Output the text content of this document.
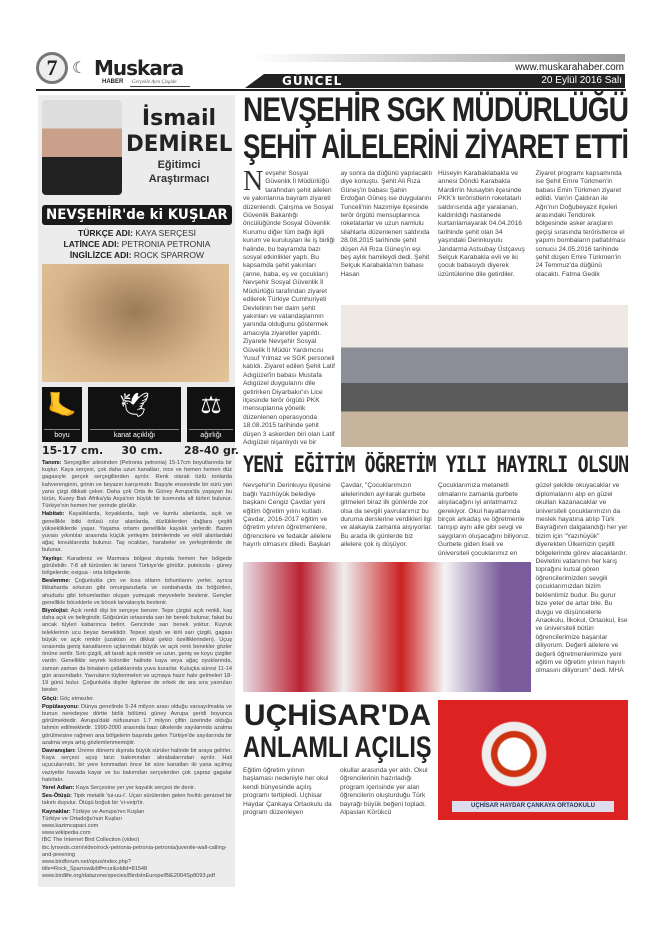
7 ☾ Muskara
HABER Gerçekle Aynı Çizgide
www.muskarahaber.com
GÜNCEL	20 Eylül 2016 Salı
İsmail
DEMİREL
Eğitimci
Araştırmacı
NEVŞEHİR'de ki KUŞLAR
TÜRKÇE ADI: KAYA SERÇESİ
LATİNCE ADI: PETRONIA PETRONIA
İNGİLİZCE ADI: ROCK SPARROW
🦶
boyu
🕊
kanat açıklığı
⚖
ağırlığı
15-17 cm.	30 cm.	28-40 gr.

Tanımı: Serçegiller ailesinden (Petronia petronia) 15-17cm boyutlarında bir kuştur. Kaya serçesi, çok daha uzun kanatları, ince ve hemen hemen düz gagasıyle gerçek serçegillerden ayrılır. Renk olarak türlü tonlarda kahverenginin, grinin ve beyazın karışımıdır. Başıyle ensesinde bir sürü yan yana çizgi dikkati çeker. Daha çok Orta ile Güney Avrupa'da yaşayan bu türün, Kuzey Batı Afrika'yla Asya'nın büyük bir kısmında alt türleri bulunur. Türkiye'nin hemen her yerinde görülür.

Habitatı: Kayalıklarda, koyaklarda, taşlı ve kumlu alanlarda, açık ve genellikle bitki örtüsü cılız alanlarda, düzlüklerden dağlara çeşitli yüksekliklerde yaşar. Yaşama ortamı genellikle kayalık yerlerdir. Bazen yuvası yıkıntılar arasında küçük yerleşim birimlerinde ve ekili alanlardaki ağaç kovuklarında bulunur. Taş ocakları, harabeler ve yerleşimlerde de bulunur.

Yayılışı: Karadeniz ve Marmara bölgesi dışında hemen her bölgede görülebilir. 7-8 alt türünden iki tanesi Türkiye'de görülür. puteicola - güney bölgelerde; exigua - orta bölgelerde.

Beslenme: Çoğunlukla çim ve kısa otların tohumlarını yerler, ayrıca ilkbaharda solucan gibi omurgasızlarla ve sonbaharda da böğürtlen, ahududu gibi tohumlardan oluşan yumuşak meyvelerle beslenir. Gençler genellikle böceklerle ve böcek larvalarıyla beslenir.

Biyolojisi: Açık renkli dişi bir serçeye benzer. Tepe çizgisi açık renkli, kaş daha açık ve belirgindir. Göğsünün ortasında sarı bir benek bulunur, fakat bu ancak tüyleri kabarınca belirir. Gencinde sarı benek yoktur. Kuyruk teleklerinin ucu beyaz beneklidir. Tepesi siyah ve kirli sarı çizgili, gagası büyük ve açık renktir (uzaktan en dikkat çekici özelliklerinden). Uçuş sırasında geniş kanatlarının uçlarındaki büyük ve açık renk benekler gözler önüne serilir. Sırtı çizgili, alt tarafı açık renktir ve uzun, geniş ve koyu çizgiler vardır. Genellikle seyrek koloniler halinde kaya veya ağaç oyuklarında, zaman zaman da binaların çatlaklarında yuva kurarlar. Kuluçka süresi 11-14 gün arasındadır. Yavruların tüylenmeleri ve uçmaya hazır hale gelmeleri 18-19 günü bulur. Çoğunlukla dişiler ilgilense de erkek de ara sıra yavruları besler.

Göçü: Göç etmezler.

Popülasyonu: Dünya genelinde 5-24 milyon arası olduğu varsayılmakta ve bunun neredeyse dörtte birlik bölümü güney Avrupa şeridi boyunca görülmektedir. Avrupa'daki nüfusunun 1.7 milyon çiftin üzerinde olduğu tahmin edilmektedir. 1990-2000 arasında bazı ülkelerde sayılarında azalma görülmesine rağmen ana bölgelerin başında gelen Türkiye'de sayılarında bir azalma veya artış gözlemlenmemiştir.

Davranışları: Üreme dönemi dışında büyük sürüler halinde bir araya gelirler. Kaya serçesi uçuş tarzı bakımından akrabalarından ayrılır. Hali uçucularındır, bir yere konmadan önce bir süre kanatları iki yana açılmış vaziyette havada kayar ve bu bakımdan serçelerden çok çapraz gagalar hatırlatır.

Yerel Adları: Kaya Serçesine yer yer kayalık serçesi de denir.

Ses-Ötüşü: Tipik metalik 'tui-uu-i'. Uçan sürülerden gelen fısıltılı genizsel bir takırtı duyulur. Ötüşü boğuk bir 'vi-veip'tir.

Kaynaklar: Türkiye ve Avrupa'nın Kuşları

Türkiye ve Ortadoğu'nun Kuşları
www.kazimcapaci.com
www.wikipedia.com
IBC The Internet Bird Collection (video)
ibc.lynxeds.com/video/rock-petronia-petronia-petronia/juvenile-wall-calling-and-preening
www.birdforum.net/opus/index.php?title=Rock_Sparrow&diff=cur&oldid=81548
www.birdlife.org/datazone/species/BirdsInEurope/BiE2004Sp8093.pdf
NEVŞEHİR SGK MÜDÜRLÜĞÜ
ŞEHİT AİLELERİNİ ZİYARET ETTİ
Nevşehir Sosyal Güvenlik İl Müdürlüğü tarafından şehit aileleri ve yakınlarına bayram ziyareti düzenlendi. Çalışma ve Sosyal Güvenlik Bakanlığı öncülüğünde Sosyal Güvenlik Kurumu diğer tüm bağlı ilgili kurum ve kuruluşları ile iş birliği halinde, bu bayramda bazı sosyal etkinlikler yaptı. Bu kapsamda şehit yakınları (anne, baba, eş ve çocukları) Nevşehir Sosyal Güvenlik İl Müdürlüğü tarafından ziyaret edilerek Türkiye Cumhuriyeti Devletinin her daim şehit yakınları ve vatandaşlarının yanında olduğunu göstermek amacıyla ziyaretler yapıldı. Ziyarete Nevşehir Sosyal Güvelik İl Müdür Yardımcısı Yusuf Yılmaz ve SGK personeli katıldı. Ziyaret edilen Şehit Latif Adıgüzel'in babası Mustafa Adıgüzel duygularını dile getirirken Diyarbakır'ın Lice ilçesinde terör örgütü PKK mensuplarına yönelik düzenlenen operasyonda 18.08.2015 tarihinde şehit düşen 3 askerden biri olan Latif Adıgüzel nişanlıydı ve bir
ay sonra da düğünü yapılacaktı diye konuştu. Şehit Ali Rıza Güneş'in babası Şahin Erdoğan Güneş ise duygularını Tunceli'nin Nazımiye ilçesinde terör örgütü mensuplarınca roketatarlar ve uzun namlulu silahlarla düzenlenen saldırıda 28.08.2015 tarihinde şehit düşen Ali Rıza Güneş'in eşi beş aylık hamileydi dedi. Şehit Selçuk Karabakla'nın babası Hasan
Hüseyin Karabaklabakla ve annesi Döndü Karabakla Mardin'in Nusaybin ilçesinde PKK'lı teröristlerin roketatarlı saldırısında ağır yaralanan, kaldırıldığı hastanede kurtarılamayarak 04.04.2016 tarihinde şehit olan 34 yaşındaki Derinkuyulu Jandarma Astsubay Üstçavuş Selçuk Karabakla evli ve iki çocuk babasıydı diyerek üzüntülerine dile getirdiler.
Ziyaret programı kapsamında ise Şehit Emre Türkmen'in babası Emin Türkmen ziyaret edildi. Van'ın Çaldıran ile Ağrı'nın Doğubeyazıt ilçeleri arasındaki Tendürek bölgesinde asker araçların geçişi sırasında teröristlerce el yapımı bombaların patlatılması sonucu 24.05.2016 tarihinde şehit düşen Emre Türkmen'in 24 Temmuz'da düğünü olacaktı. Fatma Gedik
YENİ EĞİTİM ÖĞRETİM YILI HAYIRLI OLSUN
Nevşehir'in Derinkuyu ilçesine bağlı Yazıhüyük belediye başkanı Cengiz Çavdar yeni eğitim öğretim yılını kutladı. Çavdar, 2016-2017 eğitim ve öğretim yılının öğretmenlere, öğrencilere ve fedakâr ailelere hayırlı olmasını diledi. Başkan
Çavdar, "Çocuklarımızın ailelerinden ayrılarak gurbete gitmeleri biraz ilk günlerde zor olsa da sevgili yavrularımız bu duruma derslerine verdikleri ilgi ve alakayla zamanla alışıyorlar. Bu arada ilk günlerde biz ailelere çok iş düşüyor.
Çocuklarımıza metanetli olmalarını zamanla gurbete alışılacağını iyi anlatmamız gerekiyor. Okul hayatlarında birçok arkadaş ve öğretmenle tanışıp aynı aile gibi sevgi ve saygıların oluşacağını biliyoruz. Gurbete giden liseli ve üniversiteli çocuklarımız en
güzel şekilde okuyacaklar ve diplomalarını alıp en güzel okulları kazanacaklar ve üniversiteli çocuklarımızın da meslek hayatına atılıp Türk Bayrağının dalgalandığı her yer bizim için "Yazıhüyük" diyerekten Ülkemizin çeşitli bölgelerinde görev alacaklardır. Devletini vatanının her karış toprağını kutsal gören öğrencilerimizden sevgili çocuklarımızdan bizim beklentimiz budur. Bu gurur bize yeter de artar bile. Bu duygu ve düşüncelerle Anaokulu, İlkokul, Ortaokul, lise ve üniversiteli bütün öğrencilerimize başarılar diliyorum. Değerli ailelere ve değerli öğretmenlerimize yeni eğitim ve öğretim yılının hayırlı olmasını diliyorum" dedi. MHA
UÇHİSAR'DA
ANLAMLI AÇILIŞ
Eğitim öğretim yılının başlaması nedeniyle her okul kendi bünyesinde açılış programı tertipledi. Uçhisar Haydar Çankaya Ortaokulu da program düzenleyen
okullar arasında yer aldı. Okul öğrencilerinin hazırladığı program içerisinde yer alan öğrencilerin oluşturduğu Türk bayrağı büyük beğeni topladı. Alpaslan Körükcü
UÇHİSAR HAYDAR ÇANKAYA ORTAOKULU
